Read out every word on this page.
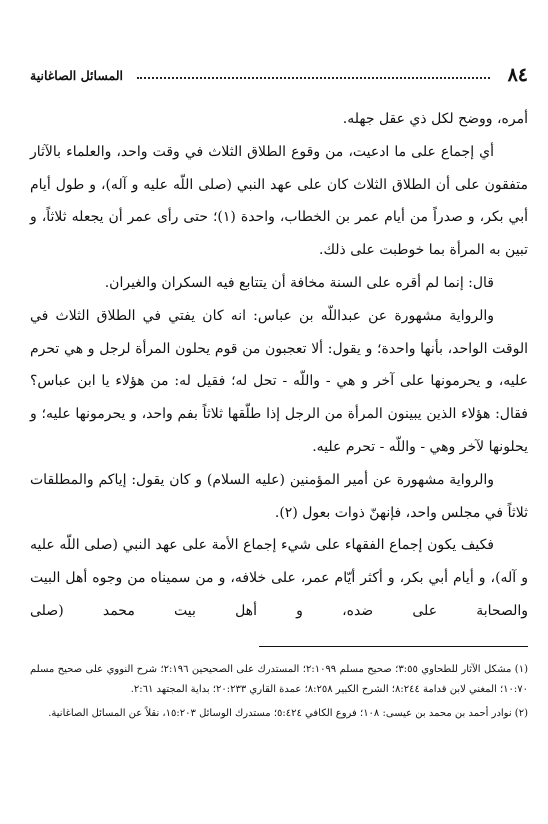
٨٤
المسائل الصاغانية

أمره، ووضح لكل ذي عقل جهله.

أي إجماع على ما ادعيت، من وقوع الطلاق الثلاث في وقت واحد، والعلماء بالآثار متفقون على أن الطلاق الثلاث كان على عهد النبي (صلى اللّه عليه و آله)، و طول أيام أبي بكر، و صدراً من أيام عمر بن الخطاب، واحدة (١)؛ حتى رأى عمر أن يجعله ثلاثاً، و تبين به المرأة بما خوطبت على ذلك.

قال: إنما لم أقره على السنة مخافة أن يتتابع فيه السكران والغيران.

والرواية مشهورة عن عبداللّه بن عباس: انه كان يفتي في الطلاق الثلاث في الوقت الواحد، بأنها واحدة؛ و يقول: ألا تعجبون من قوم يحلون المرأة لرجل و هي تحرم عليه، و يحرمونها على آخر و هي - واللّه - تحل له؛ فقيل له: من هؤلاء يا ابن عباس؟ فقال: هؤلاء الذين يبينون المرأة من الرجل إذا طلّقها ثلاثاً بفم واحد، و يحرمونها عليه؛ و يحلونها لآخر وهي - واللّه - تحرم عليه.

والرواية مشهورة عن أمير المؤمنين (عليه السلام) و كان يقول: إياكم والمطلقات ثلاثاً في مجلس واحد، فإنهنّ ذوات بعول (٢).

فكيف يكون إجماع الفقهاء على شيء إجماع الأمة على عهد النبي (صلى اللّه عليه و آله)، و أيام أبي بكر، و أكثر أيّام عمر، على خلافه، و من سميناه من وجوه أهل البيت والصحابة على ضده، و أهل بيت محمد (صلى

(١) مشكل الآثار للطحاوي ٣:٥٥؛ صحيح مسلم ٢:١٠٩٩؛ المستدرك على الصحيحين ٢:١٩٦؛ شرح النووي على صحيح مسلم ١٠:٧٠؛ المغني لابن قدامة ٨:٢٤٤؛ الشرح الكبير ٨:٢٥٨؛ عمدة القاري ٢٠:٢٣٣؛ بداية المجتهد ٢:٦١.

(٢) نوادر أحمد بن محمد بن عيسى: ١٠٨؛ فروع الكافي ٥:٤٢٤؛ مستدرك الوسائل ١٥:٢٠٣، نقلاً عن المسائل الصاغانية.
